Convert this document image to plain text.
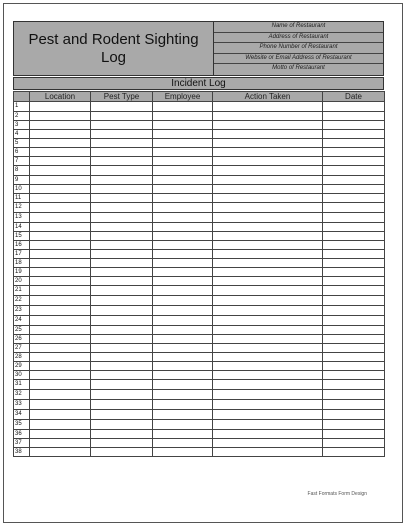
Pest and Rodent Sighting
Log
Name of Restaurant
Address of Restaurant
Phone Number of Restaurant
Website or Email Address of Restaurant
Motto of Restaurant
Incident Log
	Location	Pest Type	Employee	Action Taken	Date
1					
2					
3					
4					
5					
6					
7					
8					
9					
10					
11					
12					
13					
14					
15					
16					
17					
18					
19					
20					
21					
22					
23					
24					
25					
26					
27					
28					
29					
30					
31					
32					
33					
34					
35					
36					
37					
38					
Fast Formats Form Design
